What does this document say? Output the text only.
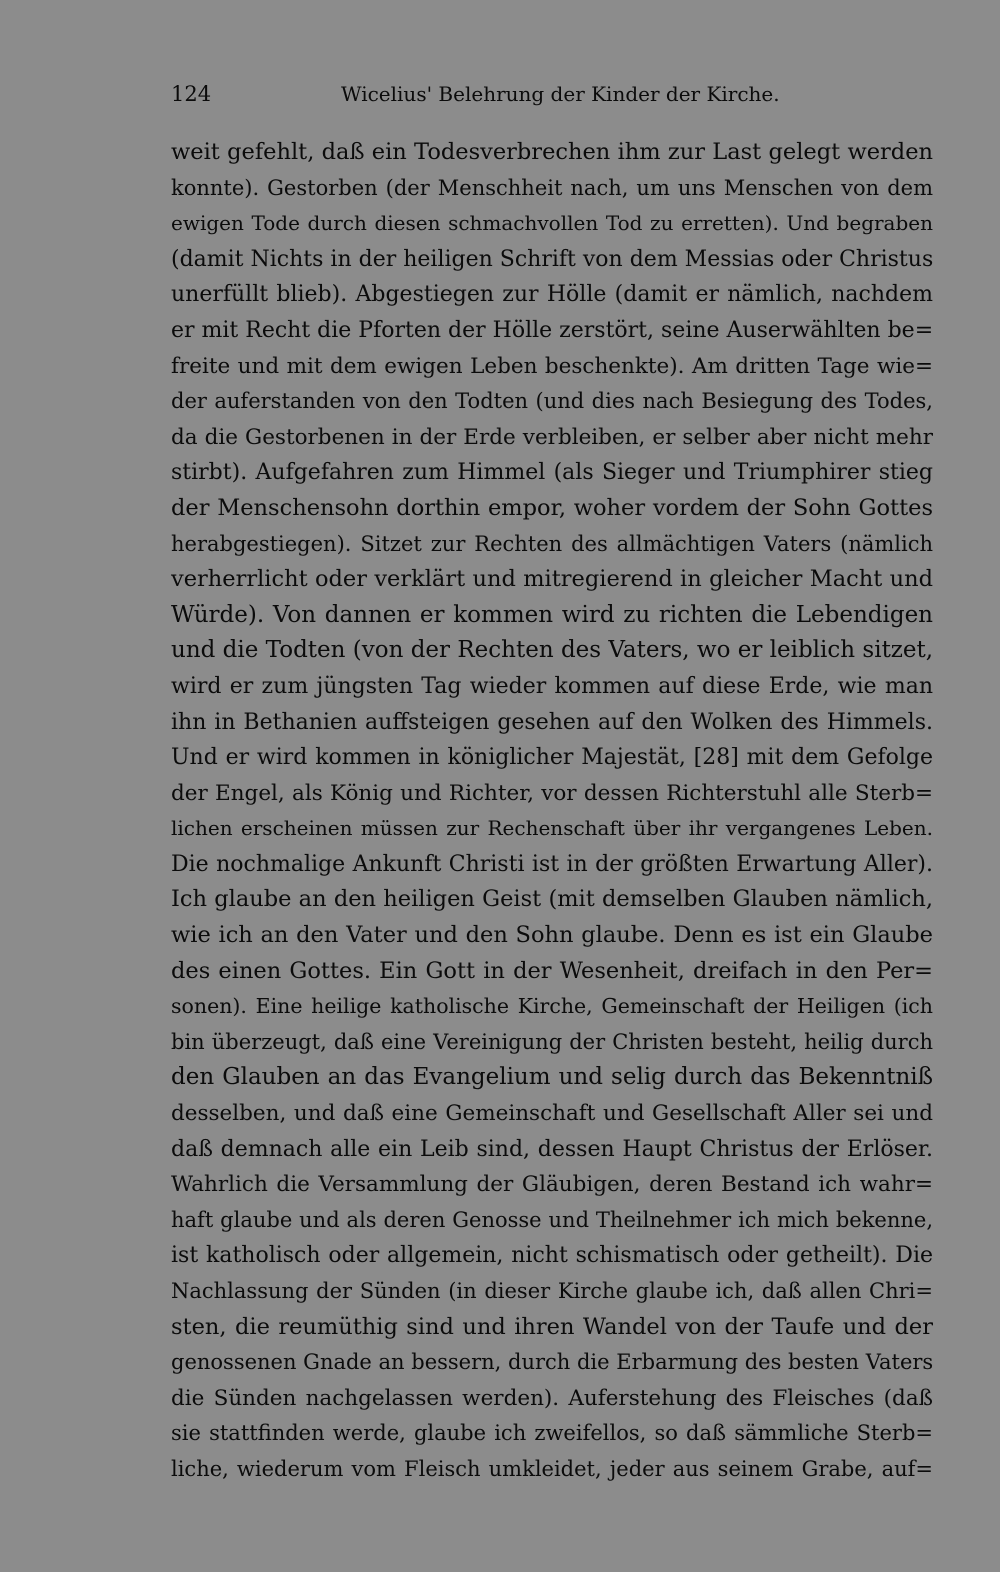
124	Wicelius' Belehrung der Kinder der Kirche.
weit gefehlt, daß ein Todesverbrechen ihm zur Last gelegt werden
konnte). Gestorben (der Menschheit nach, um uns Menschen von dem
ewigen Tode durch diesen schmachvollen Tod zu erretten). Und begraben
(damit Nichts in der heiligen Schrift von dem Messias oder Christus
unerfüllt blieb). Abgestiegen zur Hölle (damit er nämlich, nachdem
er mit Recht die Pforten der Hölle zerstört, seine Auserwählten be=
freite und mit dem ewigen Leben beschenkte). Am dritten Tage wie=
der auferstanden von den Todten (und dies nach Besiegung des Todes,
da die Gestorbenen in der Erde verbleiben, er selber aber nicht mehr
stirbt). Aufgefahren zum Himmel (als Sieger und Triumphirer stieg
der Menschensohn dorthin empor, woher vordem der Sohn Gottes
herabgestiegen). Sitzet zur Rechten des allmächtigen Vaters (nämlich
verherrlicht oder verklärt und mitregierend in gleicher Macht und
Würde). Von dannen er kommen wird zu richten die Lebendigen
und die Todten (von der Rechten des Vaters, wo er leiblich sitzet,
wird er zum jüngsten Tag wieder kommen auf diese Erde, wie man
ihn in Bethanien auffsteigen gesehen auf den Wolken des Himmels.
Und er wird kommen in königlicher Majestät, [28] mit dem Gefolge
der Engel, als König und Richter, vor dessen Richterstuhl alle Sterb=
lichen erscheinen müssen zur Rechenschaft über ihr vergangenes Leben.
Die nochmalige Ankunft Christi ist in der größten Erwartung Aller).
Ich glaube an den heiligen Geist (mit demselben Glauben nämlich,
wie ich an den Vater und den Sohn glaube. Denn es ist ein Glaube
des einen Gottes. Ein Gott in der Wesenheit, dreifach in den Per=
sonen). Eine heilige katholische Kirche, Gemeinschaft der Heiligen (ich
bin überzeugt, daß eine Vereinigung der Christen besteht, heilig durch
den Glauben an das Evangelium und selig durch das Bekenntniß
desselben, und daß eine Gemeinschaft und Gesellschaft Aller sei und
daß demnach alle ein Leib sind, dessen Haupt Christus der Erlöser.
Wahrlich die Versammlung der Gläubigen, deren Bestand ich wahr=
haft glaube und als deren Genosse und Theilnehmer ich mich bekenne,
ist katholisch oder allgemein, nicht schismatisch oder getheilt). Die
Nachlassung der Sünden (in dieser Kirche glaube ich, daß allen Chri=
sten, die reumüthig sind und ihren Wandel von der Taufe und der
genossenen Gnade an bessern, durch die Erbarmung des besten Vaters
die Sünden nachgelassen werden). Auferstehung des Fleisches (daß
sie stattfinden werde, glaube ich zweifellos, so daß sämmliche Sterb=
liche, wiederum vom Fleisch umkleidet, jeder aus seinem Grabe, auf=
